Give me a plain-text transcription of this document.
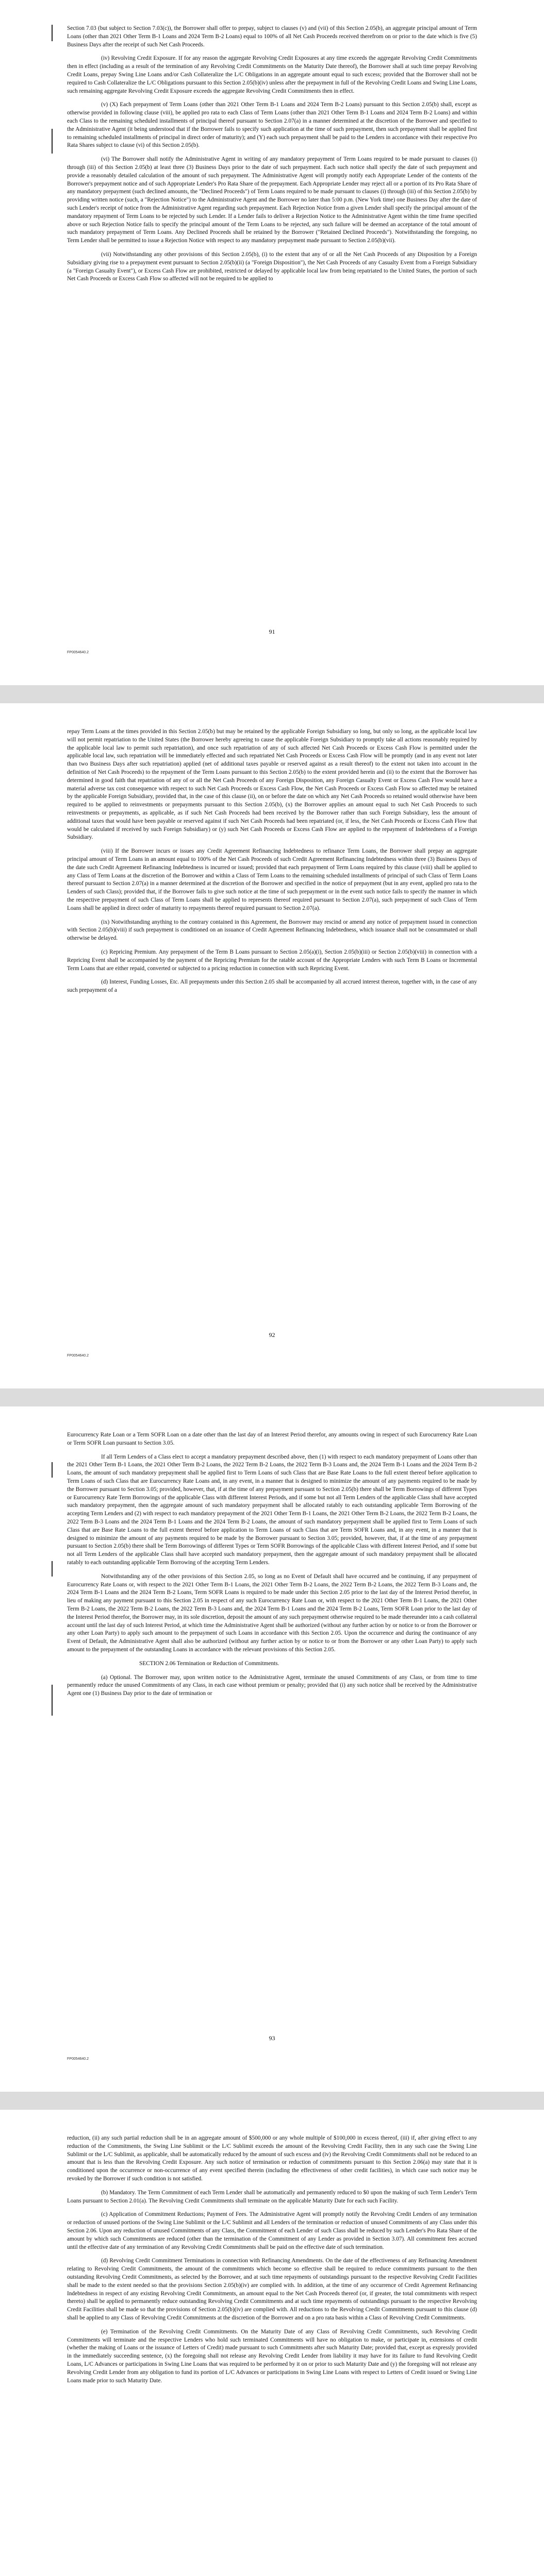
Section 7.03 (but subject to Section 7.03(c)), the Borrower shall offer to prepay, subject to clauses (v) and (vii) of this Section 2.05(b), an aggregate principal amount of Term Loans (other than 2021 Other Term B-1 Loans and 2024 Term B-2 Loans) equal to 100% of all Net Cash Proceeds received therefrom on or prior to the date which is five (5) Business Days after the receipt of such Net Cash Proceeds.

(iv) Revolving Credit Exposure. If for any reason the aggregate Revolving Credit Exposures at any time exceeds the aggregate Revolving Credit Commitments then in effect (including as a result of the termination of any Revolving Credit Commitments on the Maturity Date thereof), the Borrower shall at such time prepay Revolving Credit Loans, prepay Swing Line Loans and/or Cash Collateralize the L/C Obligations in an aggregate amount equal to such excess; provided that the Borrower shall not be required to Cash Collateralize the L/C Obligations pursuant to this Section 2.05(b)(iv) unless after the prepayment in full of the Revolving Credit Loans and Swing Line Loans, such remaining aggregate Revolving Credit Exposure exceeds the aggregate Revolving Credit Commitments then in effect.

(v) (X) Each prepayment of Term Loans (other than 2021 Other Term B-1 Loans and 2024 Term B-2 Loans) pursuant to this Section 2.05(b) shall, except as otherwise provided in following clause (viii), be applied pro rata to each Class of Term Loans (other than 2021 Other Term B-1 Loans and 2024 Term B-2 Loans) and within each Class to the remaining scheduled installments of principal thereof pursuant to Section 2.07(a) in a manner determined at the discretion of the Borrower and specified to the Administrative Agent (it being understood that if the Borrower fails to specify such application at the time of such prepayment, then such prepayment shall be applied first to remaining scheduled installments of principal in direct order of maturity); and (Y) each such prepayment shall be paid to the Lenders in accordance with their respective Pro Rata Shares subject to clause (vi) of this Section 2.05(b).

(vi) The Borrower shall notify the Administrative Agent in writing of any mandatory prepayment of Term Loans required to be made pursuant to clauses (i) through (iii) of this Section 2.05(b) at least three (3) Business Days prior to the date of such prepayment. Each such notice shall specify the date of such prepayment and provide a reasonably detailed calculation of the amount of such prepayment. The Administrative Agent will promptly notify each Appropriate Lender of the contents of the Borrower's prepayment notice and of such Appropriate Lender's Pro Rata Share of the prepayment. Each Appropriate Lender may reject all or a portion of its Pro Rata Share of any mandatory prepayment (such declined amounts, the "Declined Proceeds") of Term Loans required to be made pursuant to clauses (i) through (iii) of this Section 2.05(b) by providing written notice (such, a "Rejection Notice") to the Administrative Agent and the Borrower no later than 5:00 p.m. (New York time) one Business Day after the date of such Lender's receipt of notice from the Administrative Agent regarding such prepayment. Each Rejection Notice from a given Lender shall specify the principal amount of the mandatory repayment of Term Loans to be rejected by such Lender. If a Lender fails to deliver a Rejection Notice to the Administrative Agent within the time frame specified above or such Rejection Notice fails to specify the principal amount of the Term Loans to be rejected, any such failure will be deemed an acceptance of the total amount of such mandatory prepayment of Term Loans. Any Declined Proceeds shall be retained by the Borrower ("Retained Declined Proceeds"). Notwithstanding the foregoing, no Term Lender shall be permitted to issue a Rejection Notice with respect to any mandatory prepayment made pursuant to Section 2.05(b)(vii).

(vii) Notwithstanding any other provisions of this Section 2.05(b), (i) to the extent that any of or all the Net Cash Proceeds of any Disposition by a Foreign Subsidiary giving rise to a prepayment event pursuant to Section 2.05(b)(ii) (a "Foreign Disposition"), the Net Cash Proceeds of any Casualty Event from a Foreign Subsidiary (a "Foreign Casualty Event"), or Excess Cash Flow are prohibited, restricted or delayed by applicable local law from being repatriated to the United States, the portion of such Net Cash Proceeds or Excess Cash Flow so affected will not be required to be applied to

91
FP0054640.2

repay Term Loans at the times provided in this Section 2.05(b) but may be retained by the applicable Foreign Subsidiary so long, but only so long, as the applicable local law will not permit repatriation to the United States (the Borrower hereby agreeing to cause the applicable Foreign Subsidiary to promptly take all actions reasonably required by the applicable local law to permit such repatriation), and once such repatriation of any of such affected Net Cash Proceeds or Excess Cash Flow is permitted under the applicable local law, such repatriation will be immediately effected and such repatriated Net Cash Proceeds or Excess Cash Flow will be promptly (and in any event not later than two Business Days after such repatriation) applied (net of additional taxes payable or reserved against as a result thereof) to the extent not taken into account in the definition of Net Cash Proceeds) to the repayment of the Term Loans pursuant to this Section 2.05(b) to the extent provided herein and (ii) to the extent that the Borrower has determined in good faith that repatriation of any of or all the Net Cash Proceeds of any Foreign Disposition, any Foreign Casualty Event or Excess Cash Flow would have a material adverse tax cost consequence with respect to such Net Cash Proceeds or Excess Cash Flow, the Net Cash Proceeds or Excess Cash Flow so affected may be retained by the applicable Foreign Subsidiary, provided that, in the case of this clause (ii), on or before the date on which any Net Cash Proceeds so retained would otherwise have been required to be applied to reinvestments or prepayments pursuant to this Section 2.05(b), (x) the Borrower applies an amount equal to such Net Cash Proceeds to such reinvestments or prepayments, as applicable, as if such Net Cash Proceeds had been received by the Borrower rather than such Foreign Subsidiary, less the amount of additional taxes that would have been payable or reserved against if such Net Cash Proceeds had been repatriated (or, if less, the Net Cash Proceeds or Excess Cash Flow that would be calculated if received by such Foreign Subsidiary) or (y) such Net Cash Proceeds or Excess Cash Flow are applied to the repayment of Indebtedness of a Foreign Subsidiary.

(viii) If the Borrower incurs or issues any Credit Agreement Refinancing Indebtedness to refinance Term Loans, the Borrower shall prepay an aggregate principal amount of Term Loans in an amount equal to 100% of the Net Cash Proceeds of such Credit Agreement Refinancing Indebtedness within three (3) Business Days of the date such Credit Agreement Refinancing Indebtedness is incurred or issued; provided that each prepayment of Term Loans required by this clause (viii) shall be applied to any Class of Term Loans at the discretion of the Borrower and within a Class of Term Loans to the remaining scheduled installments of principal of such Class of Term Loans thereof pursuant to Section 2.07(a) in a manner determined at the discretion of the Borrower and specified in the notice of prepayment (but in any event, applied pro rata to the Lenders of such Class); provided that, if the Borrower fails to give such notice at the time of such prepayment or in the event such notice fails to specify the manner in which the respective prepayment of such Class of Term Loans shall be applied to represents thereof required pursuant to Section 2.07(a), such prepayment of such Class of Term Loans shall be applied in direct order of maturity to repayments thereof required pursuant to Section 2.07(a).

(ix) Notwithstanding anything to the contrary contained in this Agreement, the Borrower may rescind or amend any notice of prepayment issued in connection with Section 2.05(b)(viii) if such prepayment is conditioned on an issuance of Credit Agreement Refinancing Indebtedness, which issuance shall not be consummated or shall otherwise be delayed.

(c) Repricing Premium. Any prepayment of the Term B Loans pursuant to Section 2.05(a)(i), Section 2.05(b)(iii) or Section 2.05(b)(viii) in connection with a Repricing Event shall be accompanied by the payment of the Repricing Premium for the ratable account of the Appropriate Lenders with such Term B Loans or Incremental Term Loans that are either repaid, converted or subjected to a pricing reduction in connection with such Repricing Event.

(d) Interest, Funding Losses, Etc. All prepayments under this Section 2.05 shall be accompanied by all accrued interest thereon, together with, in the case of any such prepayment of a

92
FP0054640.2

Eurocurrency Rate Loan or a Term SOFR Loan on a date other than the last day of an Interest Period therefor, any amounts owing in respect of such Eurocurrency Rate Loan or Term SOFR Loan pursuant to Section 3.05.

If all Term Lenders of a Class elect to accept a mandatory prepayment described above, then (1) with respect to each mandatory prepayment of Loans other than the 2021 Other Term B-1 Loans, the 2021 Other Term B-2 Loans, the 2022 Term B-2 Loans, the 2022 Term B-3 Loans and, the 2024 Term B-1 Loans and the 2024 Term B-2 Loans, the amount of such mandatory prepayment shall be applied first to Term Loans of such Class that are Base Rate Loans to the full extent thereof before application to Term Loans of such Class that are Eurocurrency Rate Loans and, in any event, in a manner that is designed to minimize the amount of any payments required to be made by the Borrower pursuant to Section 3.05; provided, however, that, if at the time of any prepayment pursuant to Section 2.05(b) there shall be Term Borrowings of different Types or Eurocurrency Rate Term Borrowings of the applicable Class with different Interest Periods, and if some but not all Term Lenders of the applicable Class shall have accepted such mandatory prepayment, then the aggregate amount of such mandatory prepayment shall be allocated ratably to each outstanding applicable Term Borrowing of the accepting Term Lenders and (2) with respect to each mandatory prepayment of the 2021 Other Term B-1 Loans, the 2021 Other Term B-2 Loans, the 2022 Term B-2 Loans, the 2022 Term B-3 Loans and the 2024 Term B-1 Loans and the 2024 Term B-2 Loans, the amount of such mandatory prepayment shall be applied first to Term Loans of such Class that are Base Rate Loans to the full extent thereof before application to Term Loans of such Class that are Term SOFR Loans and, in any event, in a manner that is designed to minimize the amount of any payments required to be made by the Borrower pursuant to Section 3.05; provided, however, that, if at the time of any prepayment pursuant to Section 2.05(b) there shall be Term Borrowings of different Types or Term SOFR Borrowings of the applicable Class with different Interest Period, and if some but not all Term Lenders of the applicable Class shall have accepted such mandatory prepayment, then the aggregate amount of such mandatory prepayment shall be allocated ratably to each outstanding applicable Term Borrowing of the accepting Term Lenders.

Notwithstanding any of the other provisions of this Section 2.05, so long as no Event of Default shall have occurred and be continuing, if any prepayment of Eurocurrency Rate Loans or, with respect to the 2021 Other Term B-1 Loans, the 2021 Other Term B-2 Loans, the 2022 Term B-2 Loans, the 2022 Term B-3 Loans and, the 2024 Term B-1 Loans and the 2024 Term B-2 Loans, Term SOFR Loans is required to be made under this Section 2.05 prior to the last day of the Interest Period therefor, in lieu of making any payment pursuant to this Section 2.05 in respect of any such Eurocurrency Rate Loan or, with respect to the 2021 Other Term B-1 Loans, the 2021 Other Term B-2 Loans, the 2022 Term B-2 Loans, the 2022 Term B-3 Loans and, the 2024 Term B-1 Loans and the 2024 Term B-2 Loans, Term SOFR Loan prior to the last day of the Interest Period therefor, the Borrower may, in its sole discretion, deposit the amount of any such prepayment otherwise required to be made thereunder into a cash collateral account until the last day of such Interest Period, at which time the Administrative Agent shall be authorized (without any further action by or notice to or from the Borrower or any other Loan Party) to apply such amount to the prepayment of such Loans in accordance with this Section 2.05. Upon the occurrence and during the continuance of any Event of Default, the Administrative Agent shall also be authorized (without any further action by or notice to or from the Borrower or any other Loan Party) to apply such amount to the prepayment of the outstanding Loans in accordance with the relevant provisions of this Section 2.05.

SECTION 2.06 Termination or Reduction of Commitments.

(a) Optional. The Borrower may, upon written notice to the Administrative Agent, terminate the unused Commitments of any Class, or from time to time permanently reduce the unused Commitments of any Class, in each case without premium or penalty; provided that (i) any such notice shall be received by the Administrative Agent one (1) Business Day prior to the date of termination or

93
FP0054640.2

reduction, (ii) any such partial reduction shall be in an aggregate amount of $500,000 or any whole multiple of $100,000 in excess thereof, (iii) if, after giving effect to any reduction of the Commitments, the Swing Line Sublimit or the L/C Sublimit exceeds the amount of the Revolving Credit Facility, then in any such case the Swing Line Sublimit or the L/C Sublimit, as applicable, shall be automatically reduced by the amount of such excess and (iv) the Revolving Credit Commitments shall not be reduced to an amount that is less than the Revolving Credit Exposure. Any such notice of termination or reduction of commitments pursuant to this Section 2.06(a) may state that it is conditioned upon the occurrence or non-occurrence of any event specified therein (including the effectiveness of other credit facilities), in which case such notice may be revoked by the Borrower if such condition is not satisfied.

(b) Mandatory. The Term Commitment of each Term Lender shall be automatically and permanently reduced to $0 upon the making of such Term Lender's Term Loans pursuant to Section 2.01(a). The Revolving Credit Commitments shall terminate on the applicable Maturity Date for each such Facility.

(c) Application of Commitment Reductions; Payment of Fees. The Administrative Agent will promptly notify the Revolving Credit Lenders of any termination or reduction of unused portions of the Swing Line Sublimit or the L/C Sublimit and all Lenders of the termination or reduction of unused Commitments of any Class under this Section 2.06. Upon any reduction of unused Commitments of any Class, the Commitment of each Lender of such Class shall be reduced by such Lender's Pro Rata Share of the amount by which such Commitments are reduced (other than the termination of the Commitment of any Lender as provided in Section 3.07). All commitment fees accrued until the effective date of any termination of any Revolving Credit Commitments shall be paid on the effective date of such termination.

(d) Revolving Credit Commitment Terminations in connection with Refinancing Amendments. On the date of the effectiveness of any Refinancing Amendment relating to Revolving Credit Commitments, the amount of the commitments which become so effective shall be required to reduce commitments pursuant to the then outstanding Revolving Credit Commitments, as selected by the Borrower, and at such time repayments of outstandings pursuant to the respective Revolving Credit Facilities shall be made to the extent needed so that the provisions Section 2.05(b)(iv) are complied with. In addition, at the time of any occurrence of Credit Agreement Refinancing Indebtedness in respect of any existing Revolving Credit Commitments, an amount equal to the Net Cash Proceeds thereof (or, if greater, the total commitments with respect thereto) shall be applied to permanently reduce outstanding Revolving Credit Commitments and at such time repayments of outstandings pursuant to the respective Revolving Credit Facilities shall be made so that the provisions of Section 2.05(b)(iv) are complied with. All reductions to the Revolving Credit Commitments pursuant to this clause (d) shall be applied to any Class of Revolving Credit Commitments at the discretion of the Borrower and on a pro rata basis within a Class of Revolving Credit Commitments.

(e) Termination of the Revolving Credit Commitments. On the Maturity Date of any Class of Revolving Credit Commitments, such Revolving Credit Commitments will terminate and the respective Lenders who hold such terminated Commitments will have no obligation to make, or participate in, extensions of credit (whether the making of Loans or the issuance of Letters of Credit) made pursuant to such Commitments after such Maturity Date; provided that, except as expressly provided in the immediately succeeding sentence, (x) the foregoing shall not release any Revolving Credit Lender from liability it may have for its failure to fund Revolving Credit Loans, L/C Advances or participations in Swing Line Loans that was required to be performed by it on or prior to such Maturity Date and (y) the foregoing will not release any Revolving Credit Lender from any obligation to fund its portion of L/C Advances or participations in Swing Line Loans with respect to Letters of Credit issued or Swing Line Loans made prior to such Maturity Date.
